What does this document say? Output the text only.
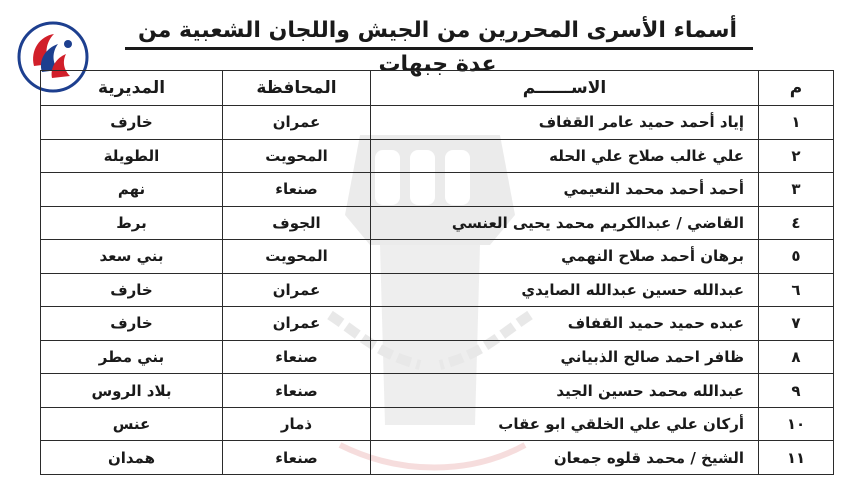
أسماء الأسرى المحررين من الجيش واللجان الشعبية من عدة جبهات
م	الاســــــم	المحافظة	المديرية
١	إياد أحمد حميد عامر القفاف	عمران	خارف
٢	علي غالب صلاح علي الحله	المحويت	الطويلة
٣	أحمد أحمد محمد النعيمي	صنعاء	نهم
٤	القاضي / عبدالكريم محمد يحيى العنسي	الجوف	برط
٥	برهان أحمد صلاح النهمي	المحويت	بني سعد
٦	عبدالله حسين عبدالله الصايدي	عمران	خارف
٧	عبده حميد حميد القفاف	عمران	خارف
٨	ظافر احمد صالح الذبياني	صنعاء	بني مطر
٩	عبدالله محمد حسين الجيد	صنعاء	بلاد الروس
١٠	أركان علي علي الخلقي ابو عقاب	ذمار	عنس
١١	الشيخ / محمد قلوه جمعان	صنعاء	همدان
